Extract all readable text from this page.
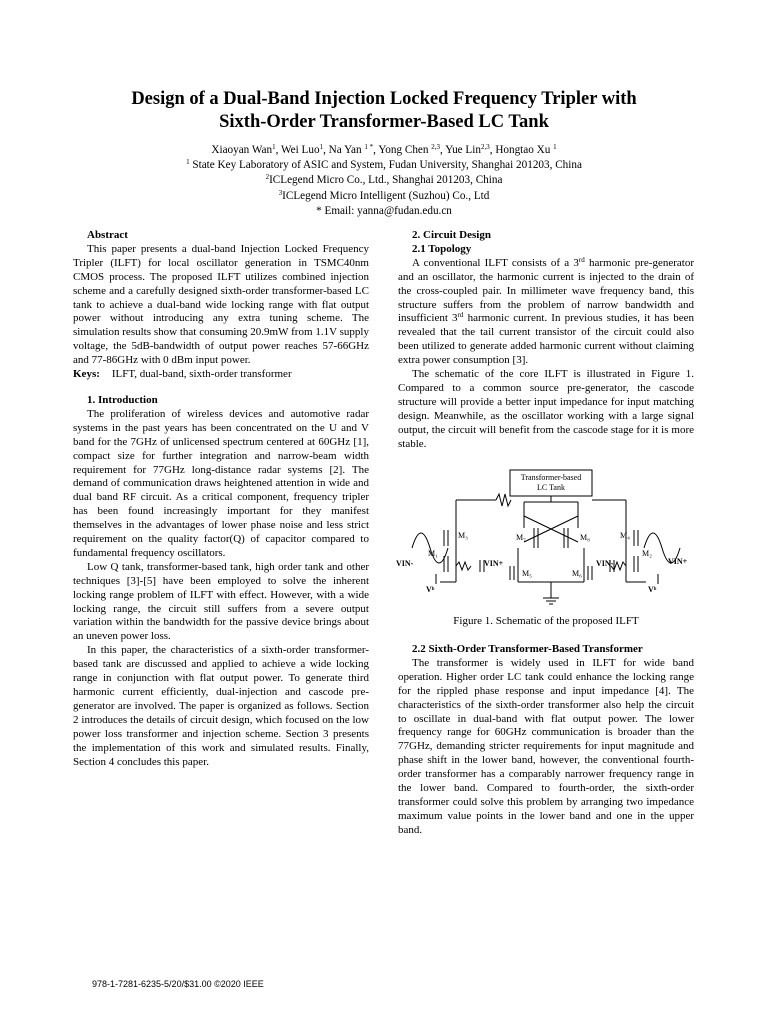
Design of a Dual-Band Injection Locked Frequency Tripler with
Sixth-Order Transformer-Based LC Tank
Xiaoyan Wan$^1$, Wei Luo$^1$, Na Yan $^{1 *}$, Yong Chen $^{2,3}$, Yue Lin$^{2,3}$, Hongtao Xu $^1$
$^1$ State Key Laboratory of ASIC and System, Fudan University, Shanghai 201203, China
$^2$ICLegend Micro Co., Ltd., Shanghai 201203, China
$^3$ICLegend Micro Intelligent (Suzhou) Co., Ltd
* Email: yanna@fudan.edu.cn

Abstract

This paper presents a dual-band Injection Locked Frequency Tripler (ILFT) for local oscillator generation in TSMC40nm CMOS process. The proposed ILFT utilizes combined injection scheme and a carefully designed sixth-order transformer-based LC tank to achieve a dual-band wide locking range with flat output power without introducing any extra tuning scheme. The simulation results show that consuming 20.9mW from 1.1V supply voltage, the 5dB-bandwidth of output power reaches 57-66GHz and 77-86GHz with 0 dBm input power.

Keys: ILFT, dual-band, sixth-order transformer

1. Introduction

The proliferation of wireless devices and automotive radar systems in the past years has been concentrated on the U and V band for the 7GHz of unlicensed spectrum centered at 60GHz [1], compact size for further integration and narrow-beam width requirement for 77GHz long-distance radar systems [2]. The demand of communication draws heightened attention in wide and dual band RF circuit. As a critical component, frequency tripler has been found increasingly important for they manifest themselves in the advantages of lower phase noise and less strict requirement on the quality factor(Q) of capacitor compared to fundamental frequency oscillators.

Low Q tank, transformer-based tank, high order tank and other techniques [3]-[5] have been employed to solve the inherent locking range problem of ILFT with effect. However, with a wide locking range, the circuit still suffers from a severe output variation within the bandwidth for the passive device brings about an uneven power loss.

In this paper, the characteristics of a sixth-order transformer-based tank are discussed and applied to achieve a wide locking range in conjunction with flat output power. To generate third harmonic current efficiently, dual-injection and cascode pre-generator are involved. The paper is organized as follows. Section 2 introduces the details of circuit design, which focused on the low power loss transformer and injection scheme. Section 3 presents the implementation of this work and simulated results. Finally, Section 4 concludes this paper.

2. Circuit Design

2.1 Topology

A conventional ILFT consists of a 3rd harmonic pre-generator and an oscillator, the harmonic current is injected to the drain of the cross-coupled pair. In millimeter wave frequency band, this structure suffers from the problem of narrow bandwidth and insufficient 3rd harmonic current. In previous studies, it has been revealed that the tail current transistor of the circuit could also been utilized to generate added harmonic current without claiming extra power consumption [3].

The schematic of the core ILFT is illustrated in Figure 1. Compared to a common source pre-generator, the cascode structure will provide a better input impedance for input matching design. Meanwhile, as the oscillator working with a large signal output, the circuit will benefit from the cascode stage for it is more stable.

Transformer-based
LC Tank
M₁	M₂
M₃	M₄
M₅	M₆
M₇	M₈
VIN-	VIN+	VIN-	VIN+
Vᵇ	Vᵇ
Figure 1. Schematic of the proposed ILFT

2.2 Sixth-Order Transformer-Based Transformer

The transformer is widely used in ILFT for wide band operation. Higher order LC tank could enhance the locking range for the rippled phase response and input impedance [4]. The characteristics of the sixth-order transformer also help the circuit to oscillate in dual-band with flat output power. The lower frequency range for 60GHz communication is broader than the 77GHz, demanding stricter requirements for input magnitude and phase shift in the lower band, however, the conventional fourth-order transformer has a comparably narrower frequency range in the lower band. Compared to fourth-order, the sixth-order transformer could solve this problem by arranging two impedance maximum value points in the lower band and one in the upper band.

978-1-7281-6235-5/20/$31.00 ©2020 IEEE
